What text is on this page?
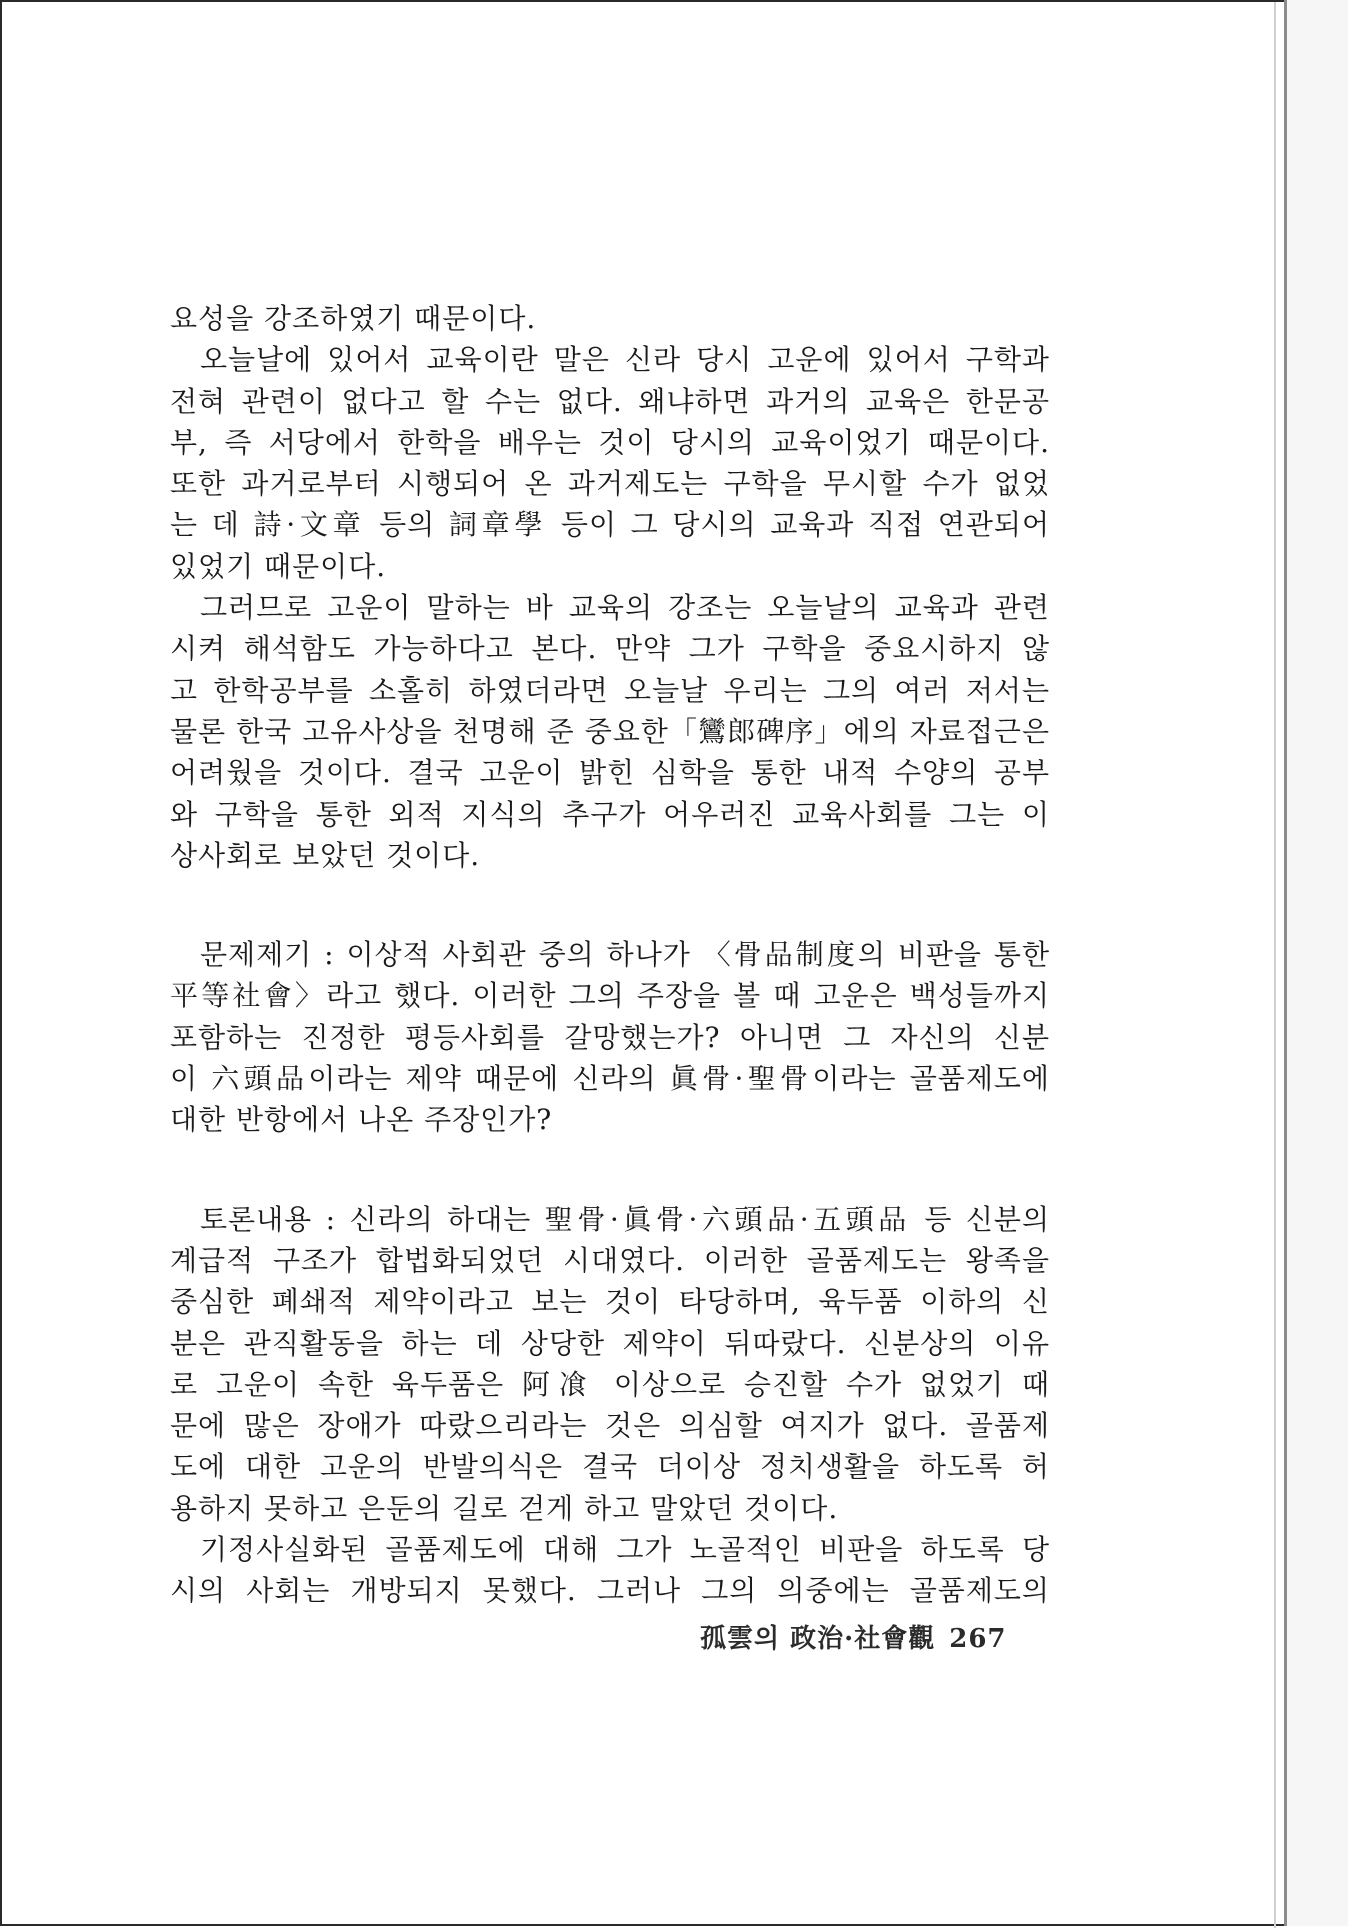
요성을 강조하였기 때문이다.

오늘날에 있어서 교육이란 말은 신라 당시 고운에 있어서 구학과

전혀 관련이 없다고 할 수는 없다. 왜냐하면 과거의 교육은 한문공

부, 즉 서당에서 한학을 배우는 것이 당시의 교육이었기 때문이다.

또한 과거로부터 시행되어 온 과거제도는 구학을 무시할 수가 없었

는 데 詩·文章 등의 詞章學 등이 그 당시의 교육과 직접 연관되어

있었기 때문이다.

그러므로 고운이 말하는 바 교육의 강조는 오늘날의 교육과 관련

시켜 해석함도 가능하다고 본다. 만약 그가 구학을 중요시하지 않

고 한학공부를 소홀히 하였더라면 오늘날 우리는 그의 여러 저서는

물론 한국 고유사상을 천명해 준 중요한「鸞郎碑序」에의 자료접근은

어려웠을 것이다. 결국 고운이 밝힌 심학을 통한 내적 수양의 공부

와 구학을 통한 외적 지식의 추구가 어우러진 교육사회를 그는 이

상사회로 보았던 것이다.

문제제기 : 이상적 사회관 중의 하나가 〈骨品制度의 비판을 통한

平等社會〉라고 했다. 이러한 그의 주장을 볼 때 고운은 백성들까지

포함하는 진정한 평등사회를 갈망했는가? 아니면 그 자신의 신분

이 六頭品이라는 제약 때문에 신라의 眞骨·聖骨이라는 골품제도에

대한 반항에서 나온 주장인가?

토론내용 : 신라의 하대는 聖骨·眞骨·六頭品·五頭品 등 신분의

계급적 구조가 합법화되었던 시대였다. 이러한 골품제도는 왕족을

중심한 폐쇄적 제약이라고 보는 것이 타당하며, 육두품 이하의 신

분은 관직활동을 하는 데 상당한 제약이 뒤따랐다. 신분상의 이유

로 고운이 속한 육두품은 阿飡 이상으로 승진할 수가 없었기 때

문에 많은 장애가 따랐으리라는 것은 의심할 여지가 없다. 골품제

도에 대한 고운의 반발의식은 결국 더이상 정치생활을 하도록 허

용하지 못하고 은둔의 길로 걷게 하고 말았던 것이다.

기정사실화된 골품제도에 대해 그가 노골적인 비판을 하도록 당

시의 사회는 개방되지 못했다. 그러나 그의 의중에는 골품제도의

孤雲의 政治·社會觀 267
